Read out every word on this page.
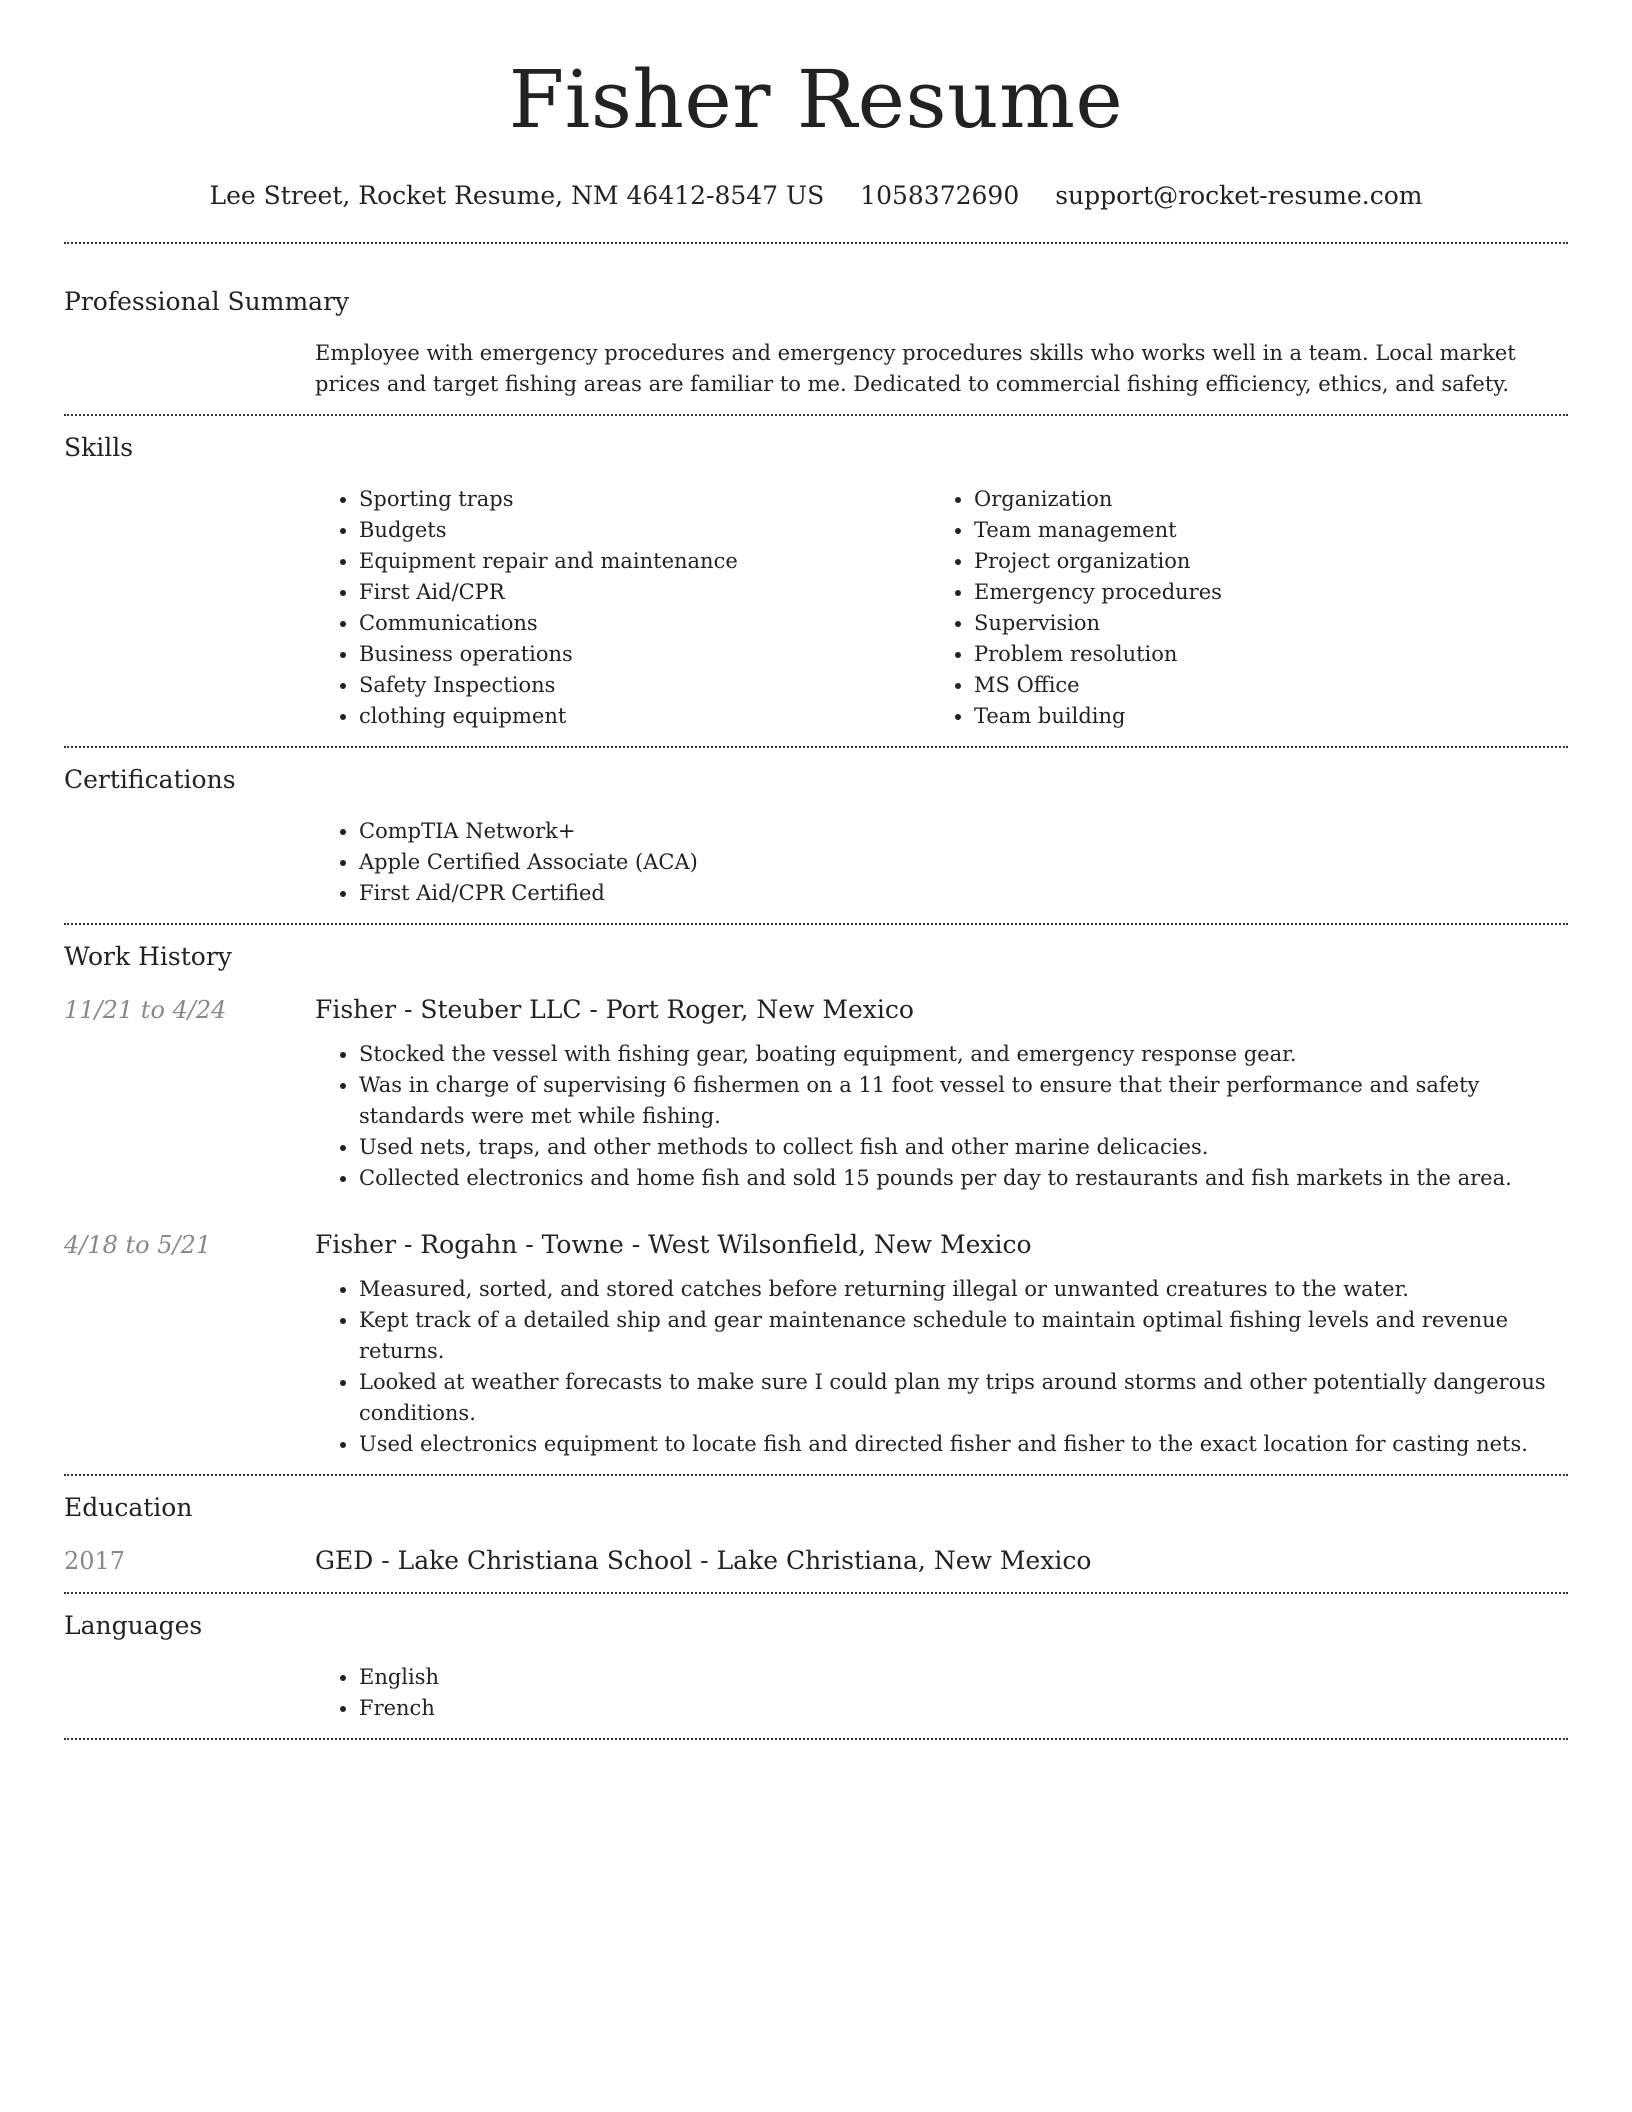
Fisher Resume
Lee Street, Rocket Resume, NM 46412-8547 US 1058372690 support@rocket-resume.com
Professional Summary
Employee with emergency procedures and emergency procedures skills who works well in a team. Local market prices and target fishing areas are familiar to me. Dedicated to commercial fishing efficiency, ethics, and safety.
Skills
• Sporting traps
• Budgets
• Equipment repair and maintenance
• First Aid/CPR
• Communications
• Business operations
• Safety Inspections
• clothing equipment
• Organization
• Team management
• Project organization
• Emergency procedures
• Supervision
• Problem resolution
• MS Office
• Team building
Certifications
• CompTIA Network+
• Apple Certified Associate (ACA)
• First Aid/CPR Certified
Work History
11/21 to 4/24	Fisher - Steuber LLC - Port Roger, New Mexico
• Stocked the vessel with fishing gear, boating equipment, and emergency response gear.
• Was in charge of supervising 6 fishermen on a 11 foot vessel to ensure that their performance and safety standards were met while fishing.
• Used nets, traps, and other methods to collect fish and other marine delicacies.
• Collected electronics and home fish and sold 15 pounds per day to restaurants and fish markets in the area.
4/18 to 5/21	Fisher - Rogahn - Towne - West Wilsonfield, New Mexico
• Measured, sorted, and stored catches before returning illegal or unwanted creatures to the water.
• Kept track of a detailed ship and gear maintenance schedule to maintain optimal fishing levels and revenue returns.
• Looked at weather forecasts to make sure I could plan my trips around storms and other potentially dangerous conditions.
• Used electronics equipment to locate fish and directed fisher and fisher to the exact location for casting nets.
Education
2017	GED - Lake Christiana School - Lake Christiana, New Mexico
Languages
• English
• French
